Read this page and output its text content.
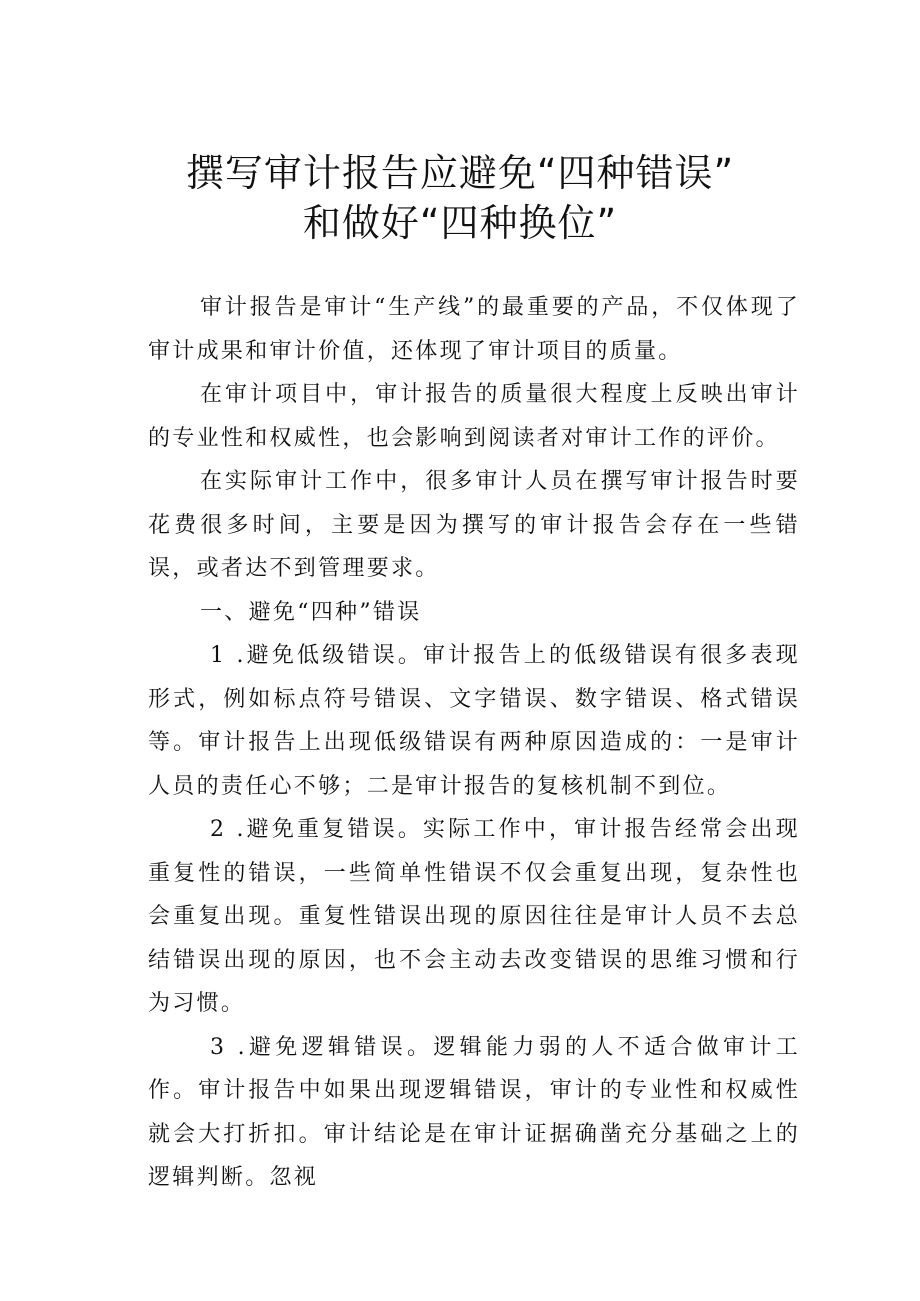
撰写审计报告应避免“四种错误”
和做好“四种换位”

审计报告是审计“生产线”的最重要的产品，不仅体现了审计成果和审计价值，还体现了审计项目的质量。

在审计项目中，审计报告的质量很大程度上反映出审计的专业性和权威性，也会影响到阅读者对审计工作的评价。

在实际审计工作中，很多审计人员在撰写审计报告时要花费很多时间，主要是因为撰写的审计报告会存在一些错误，或者达不到管理要求。

一、避免“四种”错误

1 .避免低级错误。审计报告上的低级错误有很多表现形式，例如标点符号错误、文字错误、数字错误、格式错误等。审计报告上出现低级错误有两种原因造成的：一是审计人员的责任心不够；二是审计报告的复核机制不到位。

2 .避免重复错误。实际工作中，审计报告经常会出现重复性的错误，一些简单性错误不仅会重复出现，复杂性也会重复出现。重复性错误出现的原因往往是审计人员不去总结错误出现的原因，也不会主动去改变错误的思维习惯和行为习惯。

3 .避免逻辑错误。逻辑能力弱的人不适合做审计工作。审计报告中如果出现逻辑错误，审计的专业性和权威性就会大打折扣。审计结论是在审计证据确凿充分基础之上的逻辑判断。忽视
